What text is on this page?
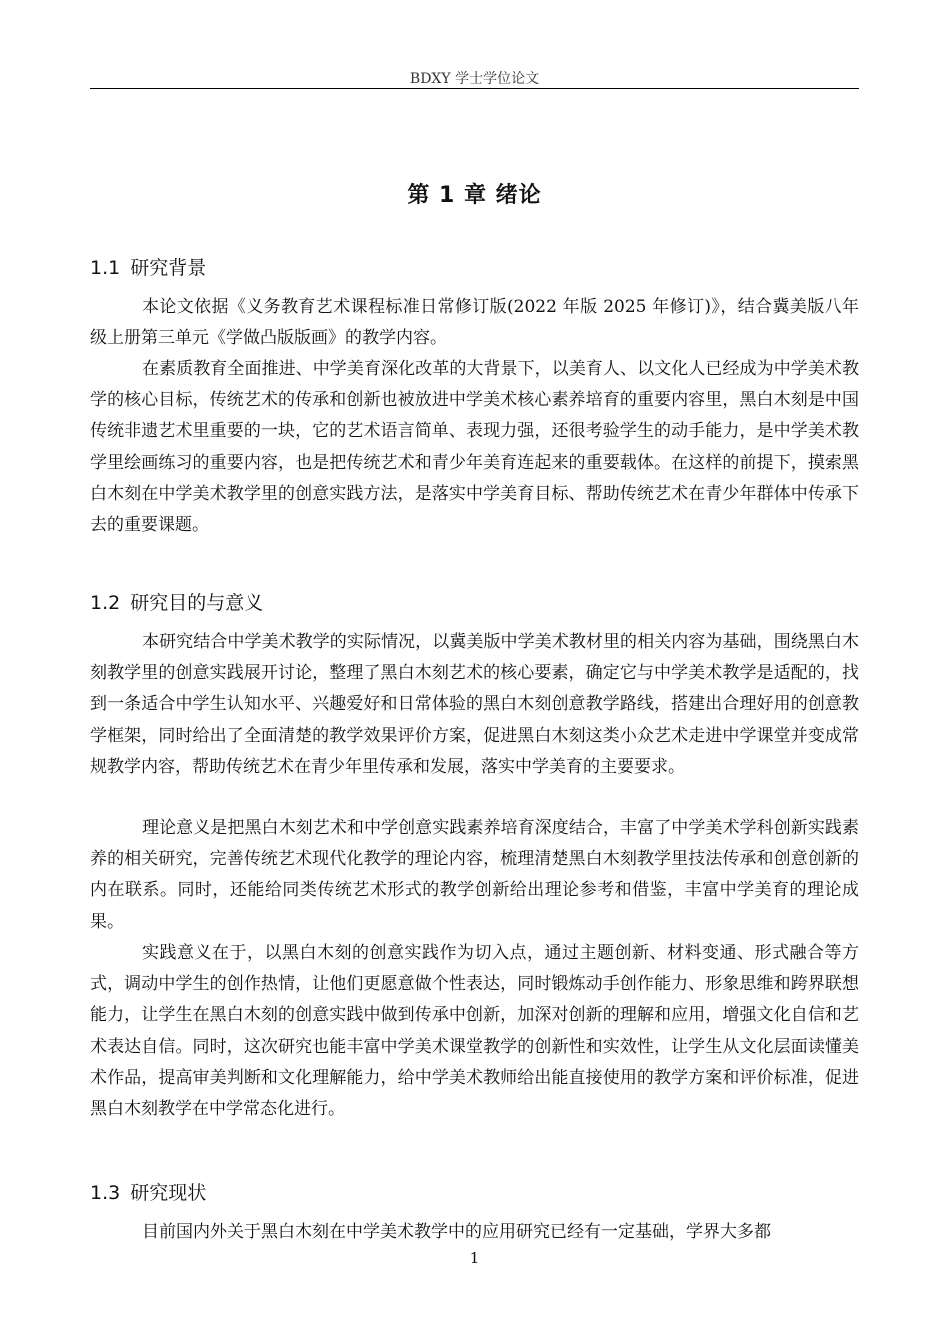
BDXY 学士学位论文
第 1 章 绪论
1.1 研究背景

本论文依据《义务教育艺术课程标准日常修订版(2022 年版 2025 年修订)》，结合冀美版八年级上册第三单元《学做凸版版画》的教学内容。

在素质教育全面推进、中学美育深化改革的大背景下，以美育人、以文化人已经成为中学美术教学的核心目标，传统艺术的传承和创新也被放进中学美术核心素养培育的重要内容里，黑白木刻是中国传统非遗艺术里重要的一块，它的艺术语言简单、表现力强，还很考验学生的动手能力，是中学美术教学里绘画练习的重要内容，也是把传统艺术和青少年美育连起来的重要载体。在这样的前提下，摸索黑白木刻在中学美术教学里的创意实践方法，是落实中学美育目标、帮助传统艺术在青少年群体中传承下去的重要课题。

1.2 研究目的与意义

本研究结合中学美术教学的实际情况，以冀美版中学美术教材里的相关内容为基础，围绕黑白木刻教学里的创意实践展开讨论，整理了黑白木刻艺术的核心要素，确定它与中学美术教学是适配的，找到一条适合中学生认知水平、兴趣爱好和日常体验的黑白木刻创意教学路线，搭建出合理好用的创意教学框架，同时给出了全面清楚的教学效果评价方案，促进黑白木刻这类小众艺术走进中学课堂并变成常规教学内容，帮助传统艺术在青少年里传承和发展，落实中学美育的主要要求。

理论意义是把黑白木刻艺术和中学创意实践素养培育深度结合，丰富了中学美术学科创新实践素养的相关研究，完善传统艺术现代化教学的理论内容，梳理清楚黑白木刻教学里技法传承和创意创新的内在联系。同时，还能给同类传统艺术形式的教学创新给出理论参考和借鉴，丰富中学美育的理论成果。

实践意义在于，以黑白木刻的创意实践作为切入点，通过主题创新、材料变通、形式融合等方式，调动中学生的创作热情，让他们更愿意做个性表达，同时锻炼动手创作能力、形象思维和跨界联想能力，让学生在黑白木刻的创意实践中做到传承中创新，加深对创新的理解和应用，增强文化自信和艺术表达自信。同时，这次研究也能丰富中学美术课堂教学的创新性和实效性，让学生从文化层面读懂美术作品，提高审美判断和文化理解能力，给中学美术教师给出能直接使用的教学方案和评价标准，促进黑白木刻教学在中学常态化进行。

1.3 研究现状

目前国内外关于黑白木刻在中学美术教学中的应用研究已经有一定基础，学界大多都

1
